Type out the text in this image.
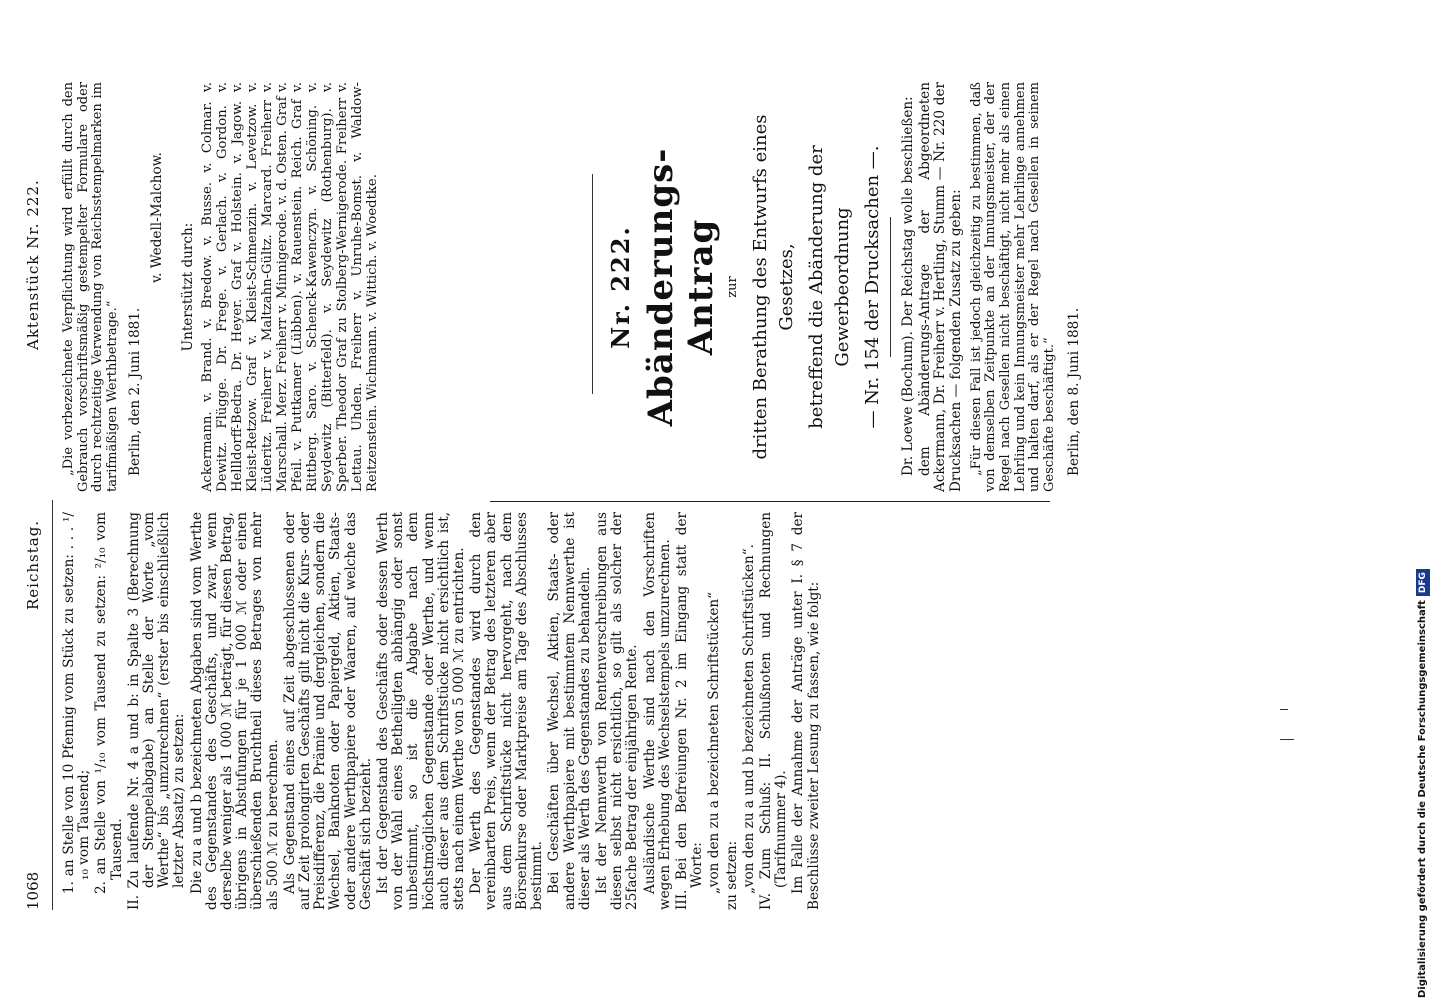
1068
Reichstag.
Aktenstück Nr. 222.

1. an Stelle von 10 Pfennig vom Stück zu setzen: . . . ¹/₁₀ vom Tausend; 2. an Stelle von ¹/₁₀ vom Tausend zu setzen: ²/₁₀ vom Tausend. II. Zu laufende Nr. 4 a und b: in Spalte 3 (Berechnung der Stempelabgabe) an Stelle der Worte „vom Werthe“ bis „umzurechnen“ (erster bis einschließlich letzter Absatz) zu setzen: Die zu a und b bezeichneten Abgaben sind vom Werthe des Gegenstandes des Geschäfts, und zwar, wenn derselbe weniger als 1 000 ℳ beträgt, für diesen Betrag, übrigens in Abstufungen für je 1 000 ℳ oder einen überschießenden Bruchtheil dieses Betrages von mehr als 500 ℳ zu berechnen. Als Gegenstand eines auf Zeit abgeschlossenen oder auf Zeit prolongirten Geschäfts gilt nicht die Kurs- oder Preisdifferenz, die Prämie und dergleichen, sondern die Wechsel, Banknoten oder Papiergeld, Aktien, Staats- oder andere Werthpapiere oder Waaren, auf welche das Geschäft sich bezieht. Ist der Gegenstand des Geschäfts oder dessen Werth von der Wahl eines Betheiligten abhängig oder sonst unbestimmt, so ist die Abgabe nach dem höchstmöglichen Gegenstande oder Werthe, und wenn auch dieser aus dem Schriftstücke nicht ersichtlich ist, stets nach einem Werthe von 5 000 ℳ zu entrichten. Der Werth des Gegenstandes wird durch den vereinbarten Preis, wenn der Betrag des letzteren aber aus dem Schriftstücke nicht hervorgeht, nach dem Börsenkurse oder Marktpreise am Tage des Abschlusses bestimmt. Bei Geschäften über Wechsel, Aktien, Staats- oder andere Werthpapiere mit bestimmtem Nennwerthe ist dieser als Werth des Gegenstandes zu behandeln. Ist der Nennwerth von Rentenverschreibungen aus diesen selbst nicht ersichtlich, so gilt als solcher der 25fache Betrag der einjährigen Rente. Ausländische Werthe sind nach den Vorschriften wegen Erhebung des Wechselstempels umzurechnen. III. Bei den Befreiungen Nr. 2 im Eingang statt der Worte: „von den zu a bezeichneten Schriftstücken“ zu setzen: „von den zu a und b bezeichneten Schriftstücken“. IV. Zum Schluß: II. Schlußnoten und Rechnungen (Tarifnummer 4). Im Falle der Annahme der Anträge unter I. § 7 der Beschlüsse zweiter Lesung zu fassen, wie folgt:

„Die vorbezeichnete Verpflichtung wird erfüllt durch den Gebrauch vorschriftsmäßig gestempelter Formulare oder durch rechtzeitige Verwendung von Reichsstempelmarken im tarifmäßigen Werthbetrage.“ Berlin, den 2. Juni 1881.

v. Wedell-Malchow.

Unterstützt durch: Ackermann. v. Brand. v. Bredow. v. Busse. v. Colmar. v. Dewitz. Flügge. Dr. Frege. v. Gerlach. v. Gordon. v. Hellldorff-Bedra. Dr. Heyer. Graf v. Holstein. v. Jagow. v. Kleist-Retzow. Graf v. Kleist-Schmenzin. v. Levetzow. v. Lüderitz. Freiherr v. Maltzahn-Gültz. Marcard. Freiherr v. Marschall. Merz. Freiherr v. Minnigerode. v. d. Osten. Graf v. Pfeil. v. Puttkamer (Lübben). v. Rauenstein. Reich. Graf v. Rittberg. Saro. v. Schenck-Kawenczyn. v. Schöning. v. Seydewitz (Bitterfeld). v. Seydewitz (Rothenburg). v. Sperber. Theodor Graf zu Stolberg-Wernigerode. Freiherr v. Lettau. Uhden. Freiherr v. Unruhe-Bomst. v. Waldow-Reitzenstein. Wichmann. v. Wittich. v. Woedtke.	Nr. 222. Abänderungs-Antrag zur dritten Berathung des Entwurfs eines Gesetzes, betreffend die Abänderung der Gewerbeordnung — Nr. 154 der Drucksachen —. Dr. Loewe (Bochum). Der Reichstag wolle beschließen: dem Abänderungs-Antrage der Abgeordneten Ackermann, Dr. Freiherr v. Hertling, Stumm — Nr. 220 der Drucksachen — folgenden Zusatz zu geben: „Für diesen Fall ist jedoch gleichzeitig zu bestimmen, daß von demselben Zeitpunkte an der Innungsmeister, der der Regel nach Gesellen nicht beschäftigt, nicht mehr als einen Lehrling und kein Innungsmeister mehr Lehrlinge annehmen und halten darf, als er der Regel nach Gesellen in seinem Geschäfte beschäftigt.“ Berlin, den 8. Juni 1881.

Digitalisierung gefördert durch die Deutsche ForschungsgemeinschaftDFG
